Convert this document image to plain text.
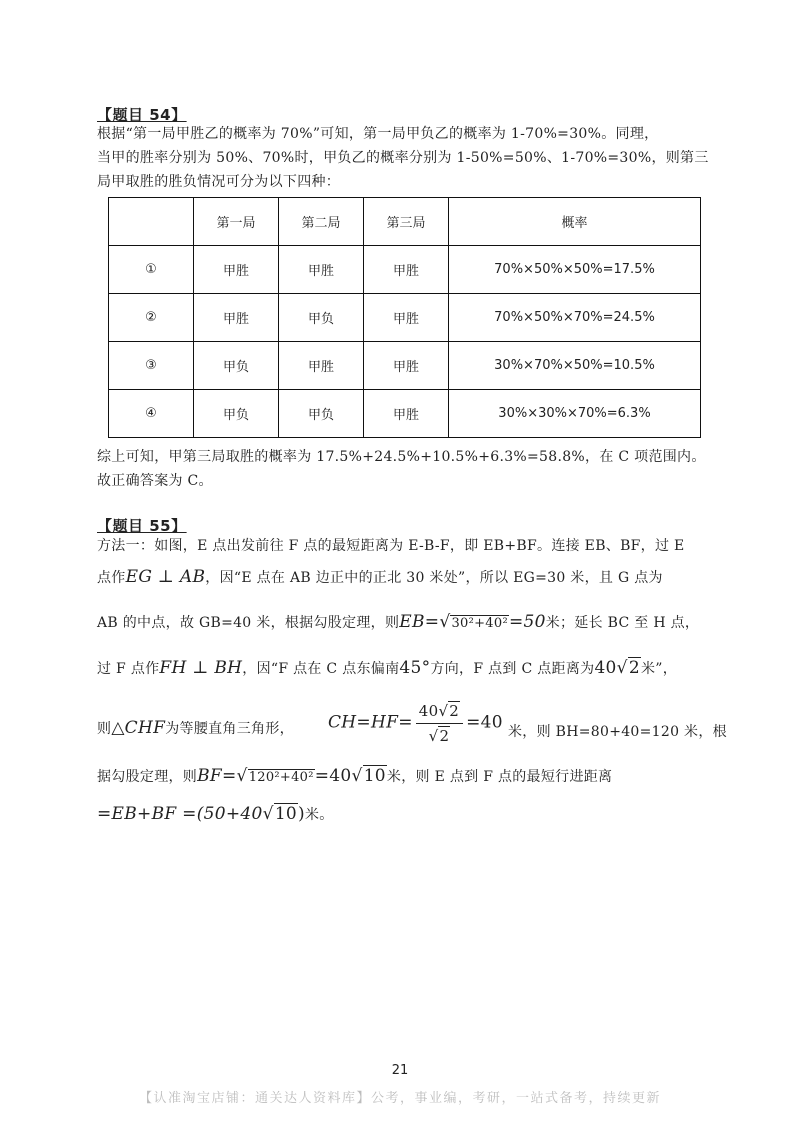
【题目 54】
根据“第一局甲胜乙的概率为 70%”可知，第一局甲负乙的概率为 1-70%=30%。同理，
当甲的胜率分别为 50%、70%时，甲负乙的概率分别为 1-50%=50%、1-70%=30%，则第三
局甲取胜的胜负情况可分为以下四种：
	第一局	第二局	第三局	概率
①	甲胜	甲胜	甲胜	70%×50%×50%=17.5%
②	甲胜	甲负	甲胜	70%×50%×70%=24.5%
③	甲负	甲胜	甲胜	30%×70%×50%=10.5%
④	甲负	甲负	甲胜	30%×30%×70%=6.3%
综上可知，甲第三局取胜的概率为 17.5%+24.5%+10.5%+6.3%=58.8%，在 C 项范围内。
故正确答案为 C。
【题目 55】
方法一：如图，E 点出发前往 F 点的最短距离为 E-B-F，即 EB+BF。连接 EB、BF，过 E
点作EG ⊥ AB，因“E 点在 AB 边正中的正北 30 米处”，所以 EG=30 米，且 G 点为
AB 的中点，故 GB=40 米，根据勾股定理，则EB=√30²+40²=50米；延长 BC 至 H 点，
过 F 点作FH ⊥ BH，因“F 点在 C 点东偏南45°方向，F 点到 C 点距离为40√2米”，
则△CHF为等腰直角三角形， $CH=HF= \frac{40√2}{√2} =40$ 米，则 BH=80+40=120 米，根
据勾股定理，则BF=√120²+40²=40√10米，则 E 点到 F 点的最短行进距离
=EB+BF =(50+40√10)米。
21
【认准淘宝店铺：通关达人资料库】公考，事业编，考研，一站式备考，持续更新
